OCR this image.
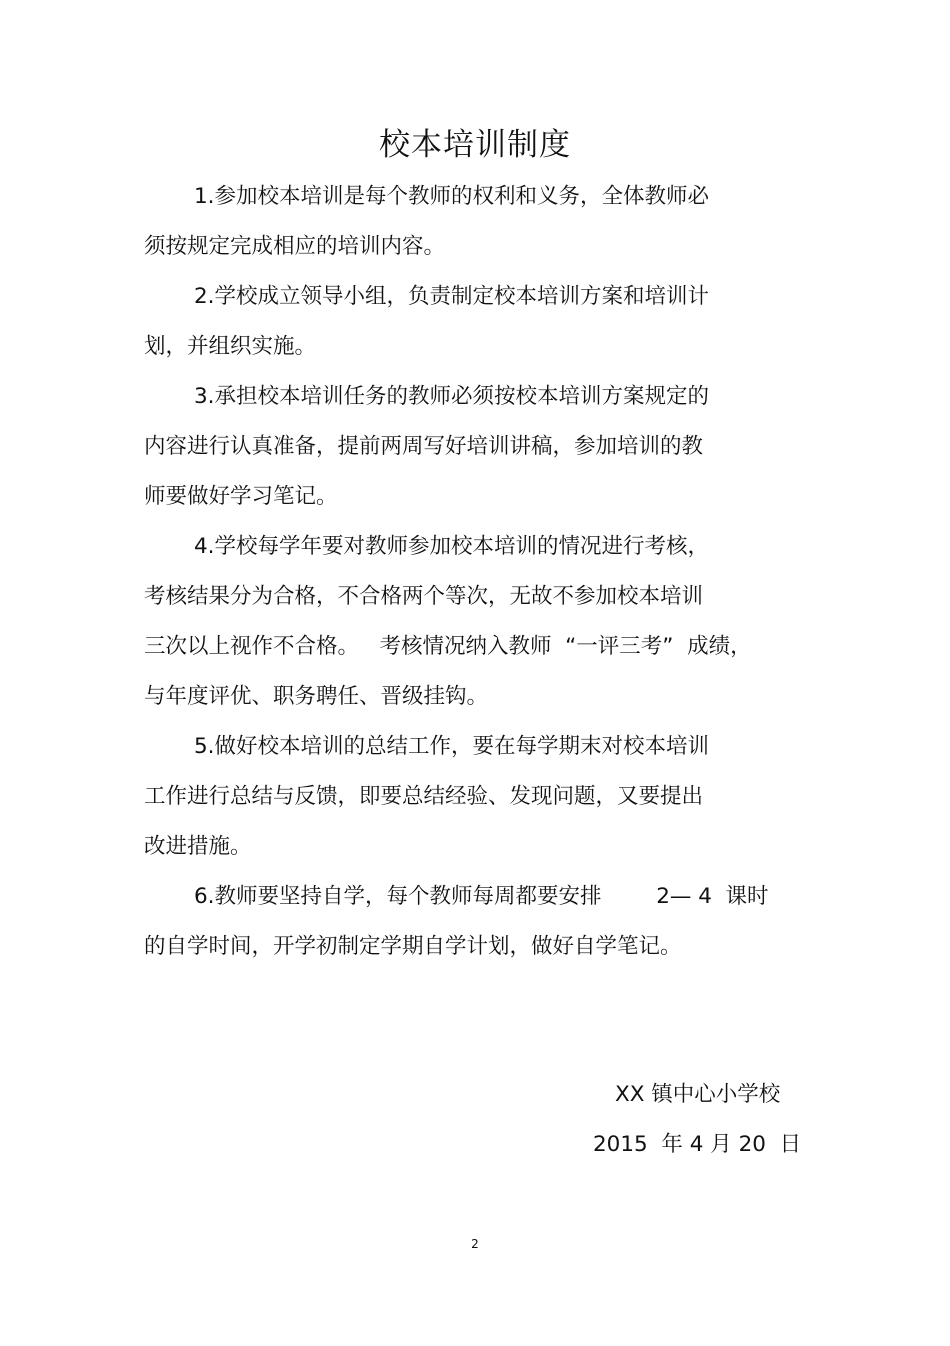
校本培训制度
1.参加校本培训是每个教师的权利和义务，全体教师必
须按规定完成相应的培训内容。
2.学校成立领导小组，负责制定校本培训方案和培训计
划，并组织实施。
3.承担校本培训任务的教师必须按校本培训方案规定的
内容进行认真准备，提前两周写好培训讲稿，参加培训的教
师要做好学习笔记。
4.学校每学年要对教师参加校本培训的情况进行考核，
考核结果分为合格，不合格两个等次，无故不参加校本培训
三次以上视作不合格。   考核情况纳入教师  “一评三考”  成绩，
与年度评优、职务聘任、晋级挂钩。
5.做好校本培训的总结工作，要在每学期末对校本培训
工作进行总结与反馈，即要总结经验、发现问题，又要提出
改进措施。
6.教师要坚持自学，每个教师每周都要安排        2— 4  课时
的自学时间，开学初制定学期自学计划，做好自学笔记。
XX 镇中心小学校
2015  年 4 月 20  日
2
